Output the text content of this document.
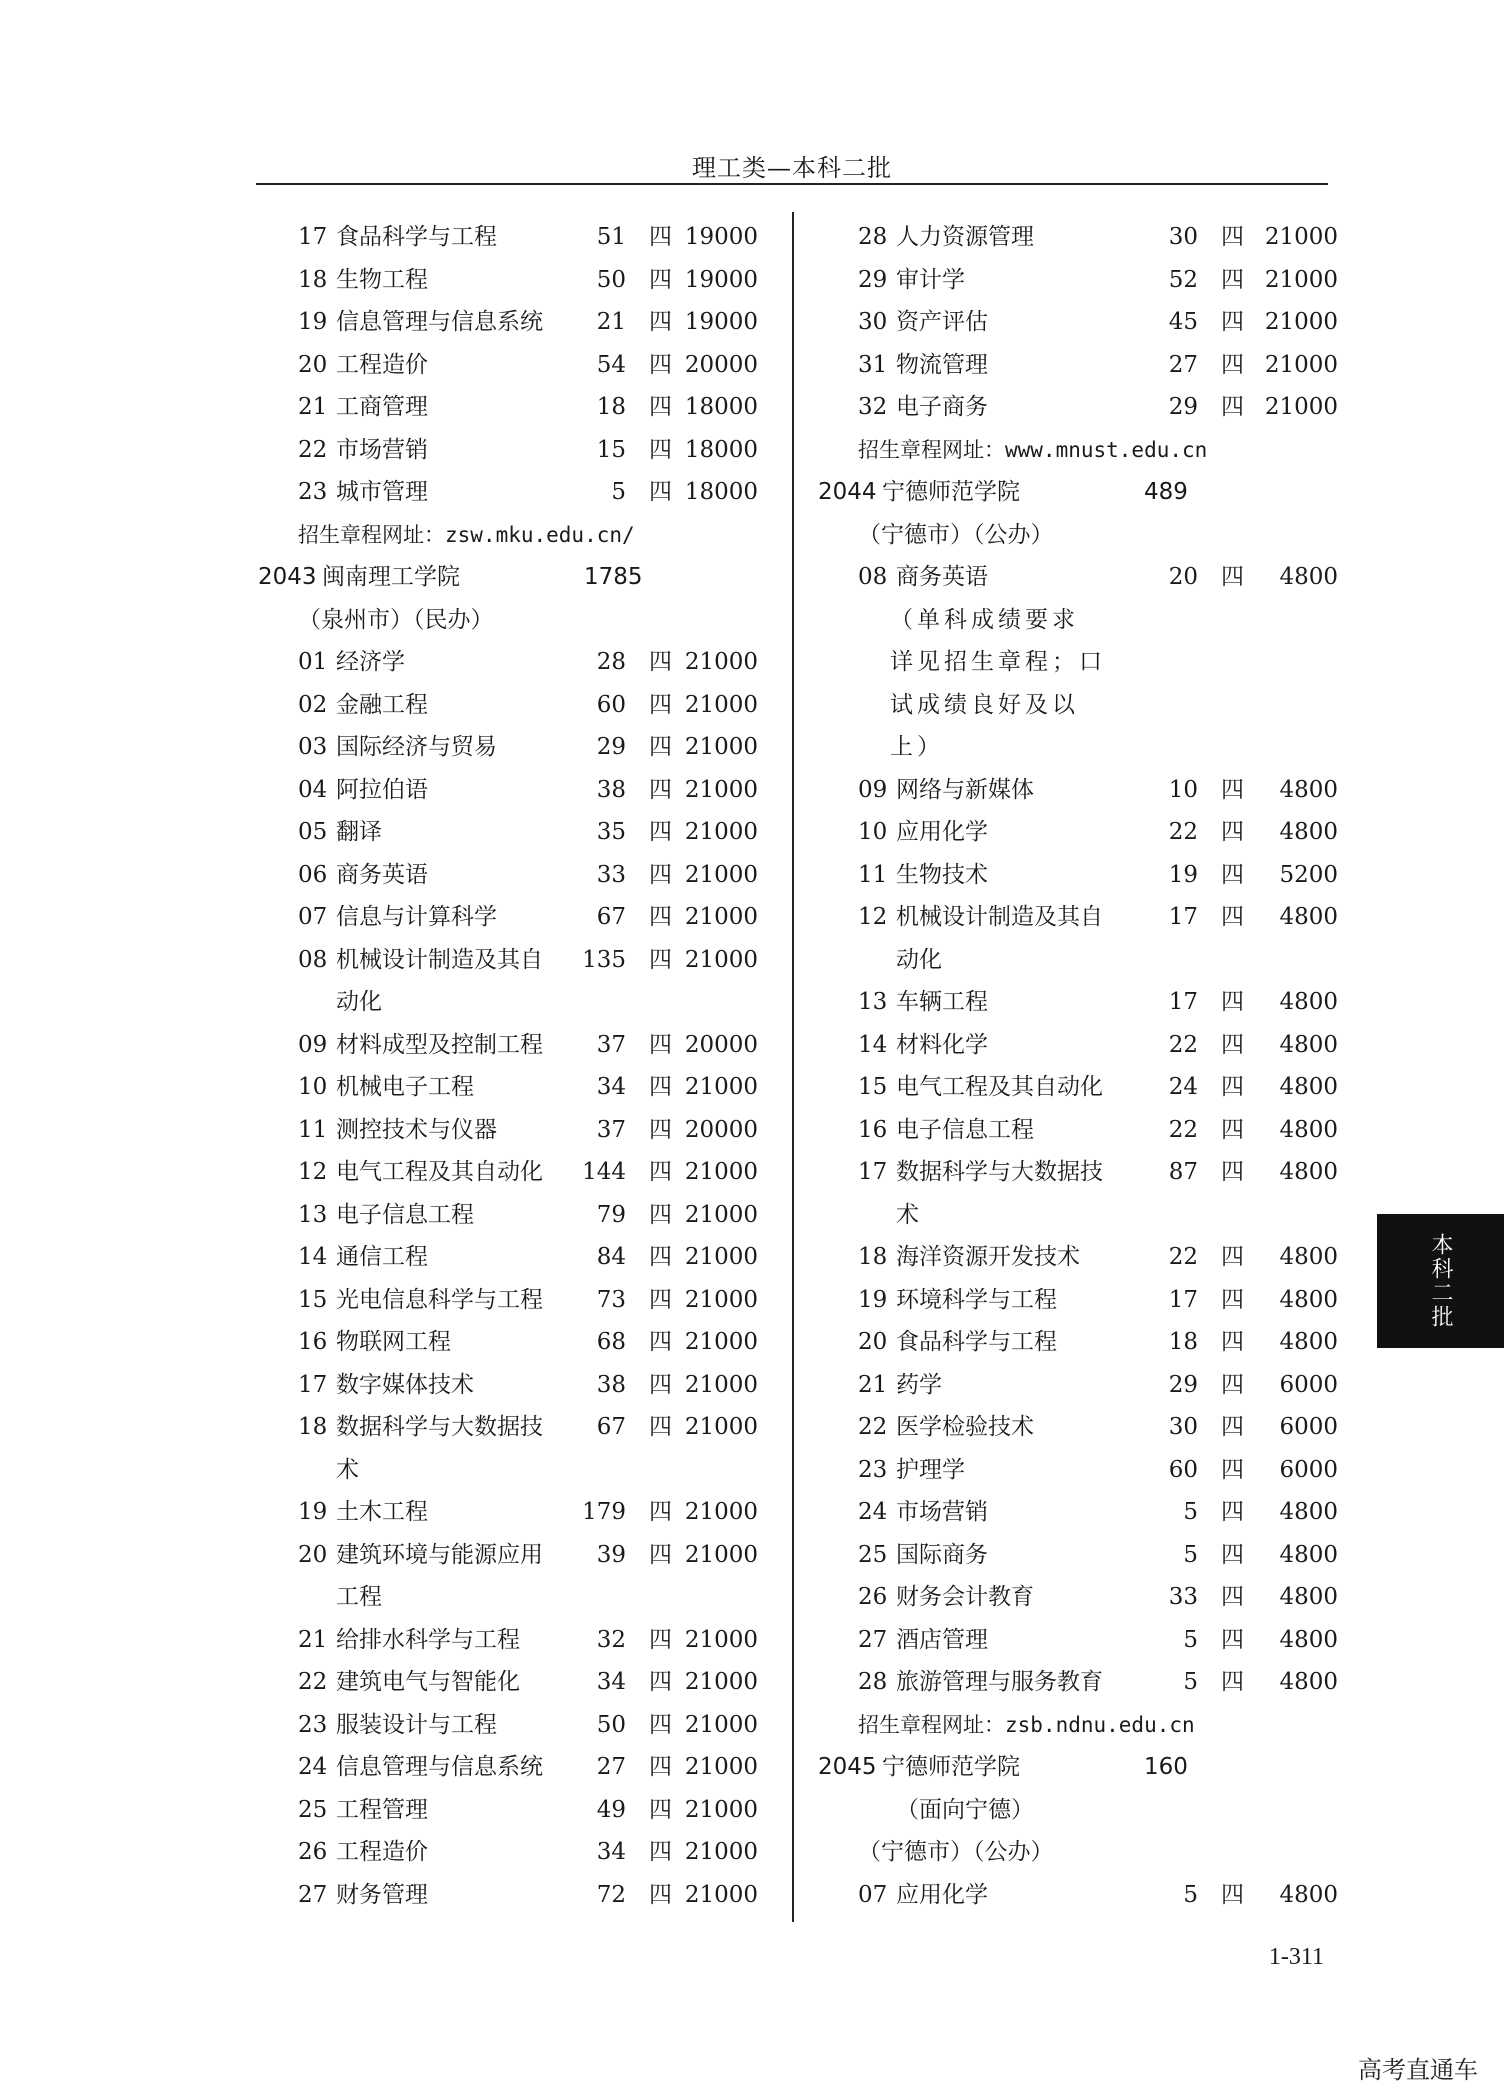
理工类—本科二批
17 食品科学与工程	51 四 19000
18 生物工程	50 四 19000
19 信息管理与信息系统 21 四 19000
20 工程造价	54 四 20000
21 工商管理	18 四 18000
22 市场营销	15 四 18000
23 城市管理	5 四 18000
招生章程网址：zsw.mku.edu.cn/
2043 闽南理工学院	1785
（泉州市）（民办）
01 经济学	28 四 21000
02 金融工程	60 四 21000
03 国际经济与贸易	29 四 21000
04 阿拉伯语	38 四 21000
05 翻译	35 四 21000
06 商务英语	33 四 21000
07 信息与计算科学	67 四 21000
08 机械设计制造及其自 135 四 21000
动化
09 材料成型及控制工程 37 四 20000
10 机械电子工程	34 四 21000
11 测控技术与仪器	37 四 20000
12 电气工程及其自动化 144 四 21000
13 电子信息工程	79 四 21000
14 通信工程	84 四 21000
15 光电信息科学与工程 73 四 21000
16 物联网工程	68 四 21000
17 数字媒体技术	38 四 21000
18 数据科学与大数据技 67 四 21000
术
19 土木工程	179 四 21000
20 建筑环境与能源应用 39 四 21000
工程
21 给排水科学与工程	32 四 21000
22 建筑电气与智能化	34 四 21000
23 服装设计与工程	50 四 21000
24 信息管理与信息系统 27 四 21000
25 工程管理	49 四 21000
26 工程造价	34 四 21000
27 财务管理	72 四 21000
28 人力资源管理	30 四 21000
29 审计学	52 四 21000
30 资产评估	45 四 21000
31 物流管理	27 四 21000
32 电子商务	29 四 21000
招生章程网址：www.mnust.edu.cn
2044 宁德师范学院	489
（宁德市）（公办）
08 商务英语	20 四 4800
（单科成绩要求
详见招生章程；口
试成绩良好及以
上）
09 网络与新媒体	10 四 4800
10 应用化学	22 四 4800
11 生物技术	19 四 5200
12 机械设计制造及其自	17 四 4800
动化
13 车辆工程	17 四 4800
14 材料化学	22 四 4800
15 电气工程及其自动化	24 四 4800
16 电子信息工程	22 四 4800
17 数据科学与大数据技	87 四 4800
术
18 海洋资源开发技术	22 四 4800
19 环境科学与工程	17 四 4800
20 食品科学与工程	18 四 4800
21 药学	29 四 6000
22 医学检验技术	30 四 6000
23 护理学	60 四 6000
24 市场营销	5 四 4800
25 国际商务	5 四 4800
26 财务会计教育	33 四 4800
27 酒店管理	5 四 4800
28 旅游管理与服务教育	5 四 4800
招生章程网址：zsb.ndnu.edu.cn
2045 宁德师范学院	160
（面向宁德）
（宁德市）（公办）
07 应用化学	5 四 4800
本科二批
1-311
高考直通车
